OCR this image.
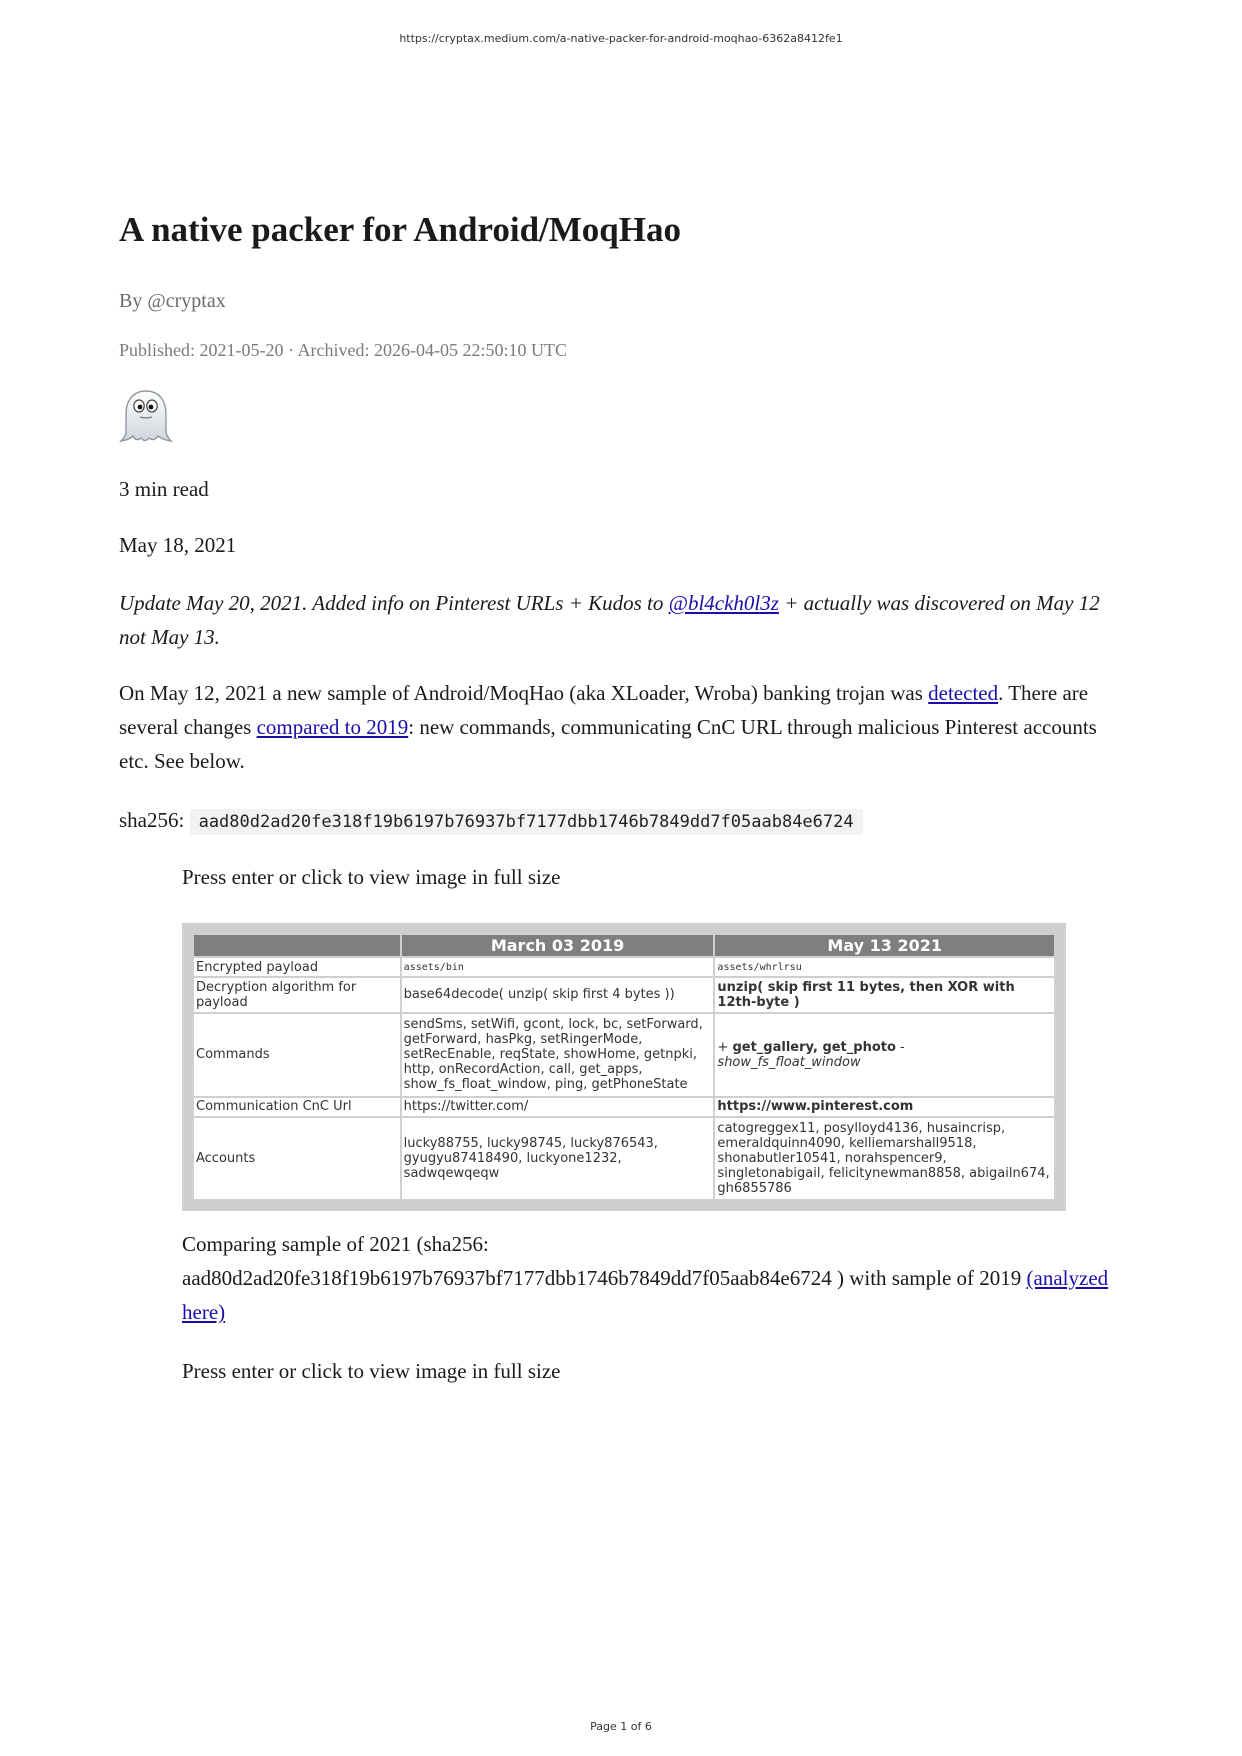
https://cryptax.medium.com/a-native-packer-for-android-moqhao-6362a8412fe1
A native packer for Android/MoqHao
By @cryptax
Published: 2021-05-20 · Archived: 2026-04-05 22:50:10 UTC
3 min read
May 18, 2021
Update May 20, 2021. Added info on Pinterest URLs + Kudos to @bl4ckh0l3z + actually was discovered on May 12 not May 13.
On May 12, 2021 a new sample of Android/MoqHao (aka XLoader, Wroba) banking trojan was detected. There are several changes compared to 2019: new commands, communicating CnC URL through malicious Pinterest accounts etc. See below.
sha256: aad80d2ad20fe318f19b6197b76937bf7177dbb1746b7849dd7f05aab84e6724
Press enter or click to view image in full size
	March 03 2019	May 13 2021
Encrypted payload	assets/bin	assets/whrlrsu
Decryption algorithm for payload	base64decode( unzip( skip first 4 bytes ))	unzip( skip first 11 bytes, then XOR with 12th-byte )
Commands	sendSms, setWifi, gcont, lock, bc, setForward, getForward, hasPkg, setRingerMode, setRecEnable, reqState, showHome, getnpki, http, onRecordAction, call, get_apps, show_fs_float_window, ping, getPhoneState	+ get_gallery, get_photo -
show_fs_float_window
Communication CnC Url	https://twitter.com/	https://www.pinterest.com
Accounts	lucky88755, lucky98745, lucky876543, gyugyu87418490, luckyone1232, sadwqewqeqw	catogreggex11, posylloyd4136, husaincrisp, emeraldquinn4090, kelliemarshall9518, shonabutler10541, norahspencer9, singletonabigail, felicitynewman8858, abigailn674, gh6855786
Comparing sample of 2021 (sha256: aad80d2ad20fe318f19b6197b76937bf7177dbb1746b7849dd7f05aab84e6724 ) with sample of 2019 (analyzed here)
Press enter or click to view image in full size
Page 1 of 6
